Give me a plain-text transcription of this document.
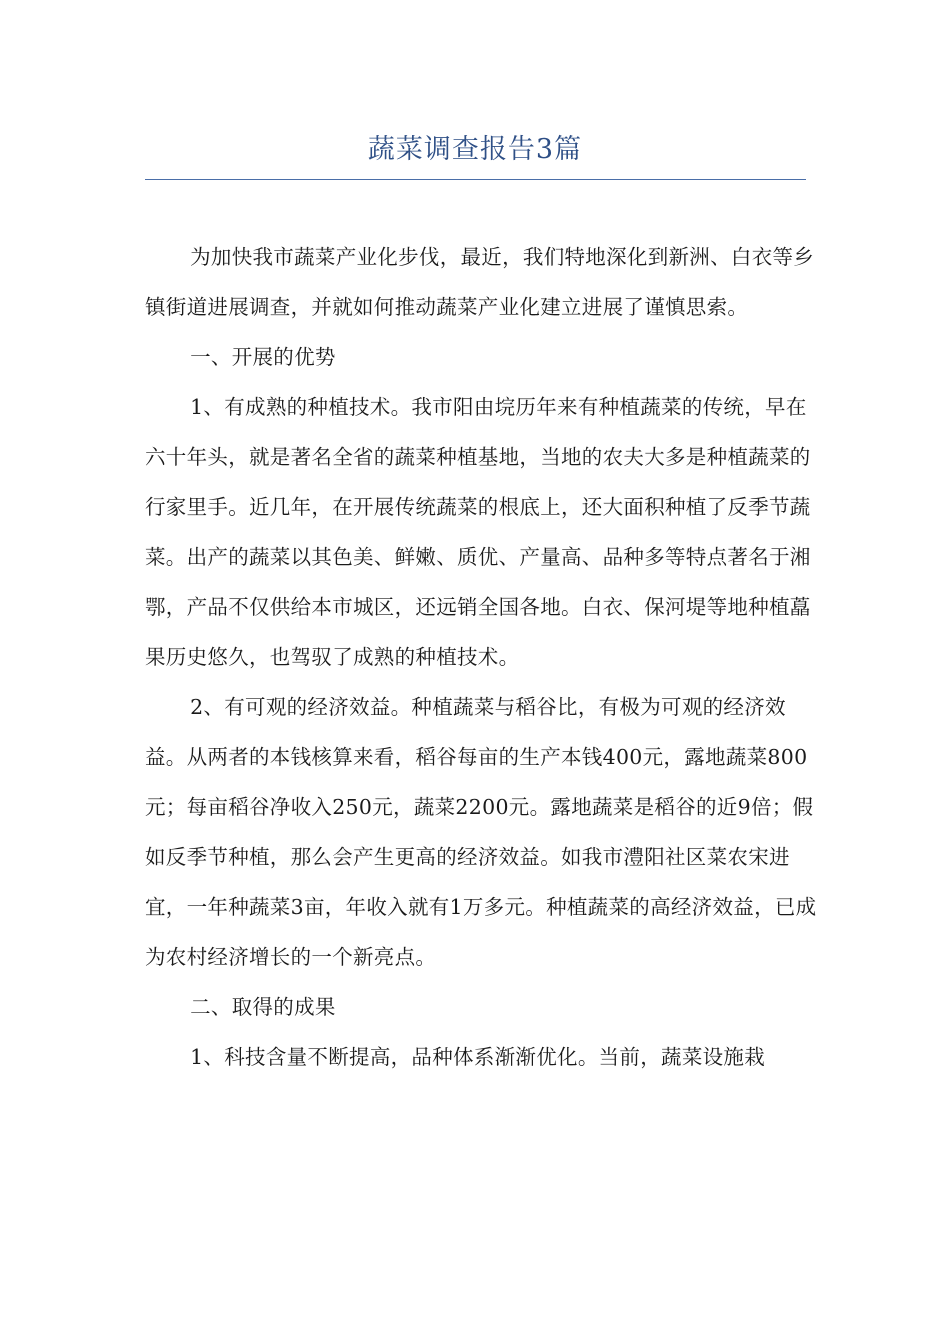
蔬菜调查报告3篇

为加快我市蔬菜产业化步伐，最近，我们特地深化到新洲、白衣等乡镇街道进展调查，并就如何推动蔬菜产业化建立进展了谨慎思索。

一、开展的优势

1、有成熟的种植技术。我市阳由垸历年来有种植蔬菜的传统，早在六十年头，就是著名全省的蔬菜种植基地，当地的农夫大多是种植蔬菜的行家里手。近几年，在开展传统蔬菜的根底上，还大面积种植了反季节蔬菜。出产的蔬菜以其色美、鲜嫩、质优、产量高、品种多等特点著名于湘鄂，产品不仅供给本市城区，还远销全国各地。白衣、保河堤等地种植藠果历史悠久，也驾驭了成熟的种植技术。

2、有可观的经济效益。种植蔬菜与稻谷比，有极为可观的经济效益。从两者的本钱核算来看，稻谷每亩的生产本钱400元，露地蔬菜800元；每亩稻谷净收入250元，蔬菜2200元。露地蔬菜是稻谷的近9倍；假如反季节种植，那么会产生更高的经济效益。如我市澧阳社区菜农宋进宜，一年种蔬菜3亩，年收入就有1万多元。种植蔬菜的高经济效益，已成为农村经济增长的一个新亮点。

二、取得的成果

1、科技含量不断提高，品种体系渐渐优化。当前，蔬菜设施栽
